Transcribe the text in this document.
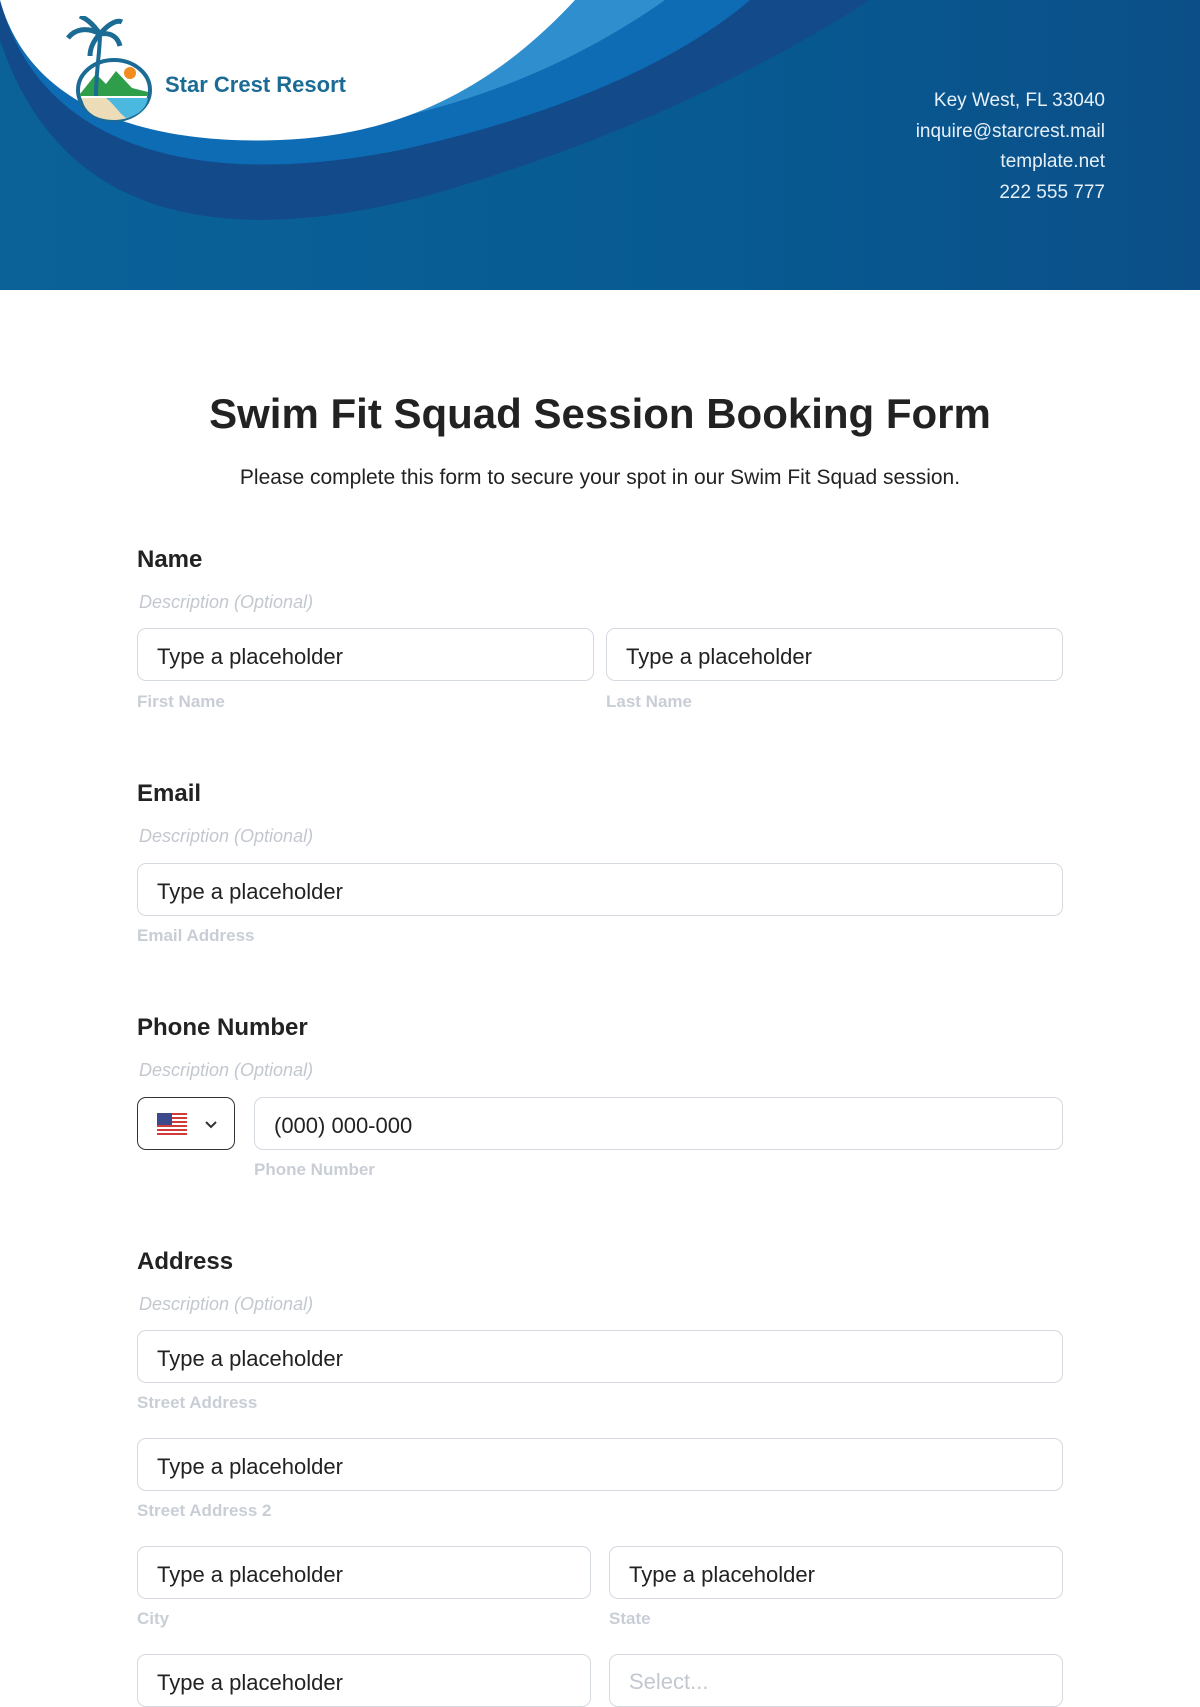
Star Crest Resort
Key West, FL 33040
inquire@starcrest.mail
template.net
222 555 777
Swim Fit Squad Session Booking Form
Please complete this form to secure your spot in our Swim Fit Squad session.
Name
Description (Optional)
Type a placeholder	Type a placeholder
First Name	Last Name
Email
Description (Optional)
Type a placeholder
Email Address
Phone Number
Description (Optional)
(000) 000-000
Phone Number
Address
Description (Optional)
Type a placeholder
Street Address
Type a placeholder
Street Address 2
Type a placeholder	Type a placeholder
City	State
Type a placeholder	Select...
